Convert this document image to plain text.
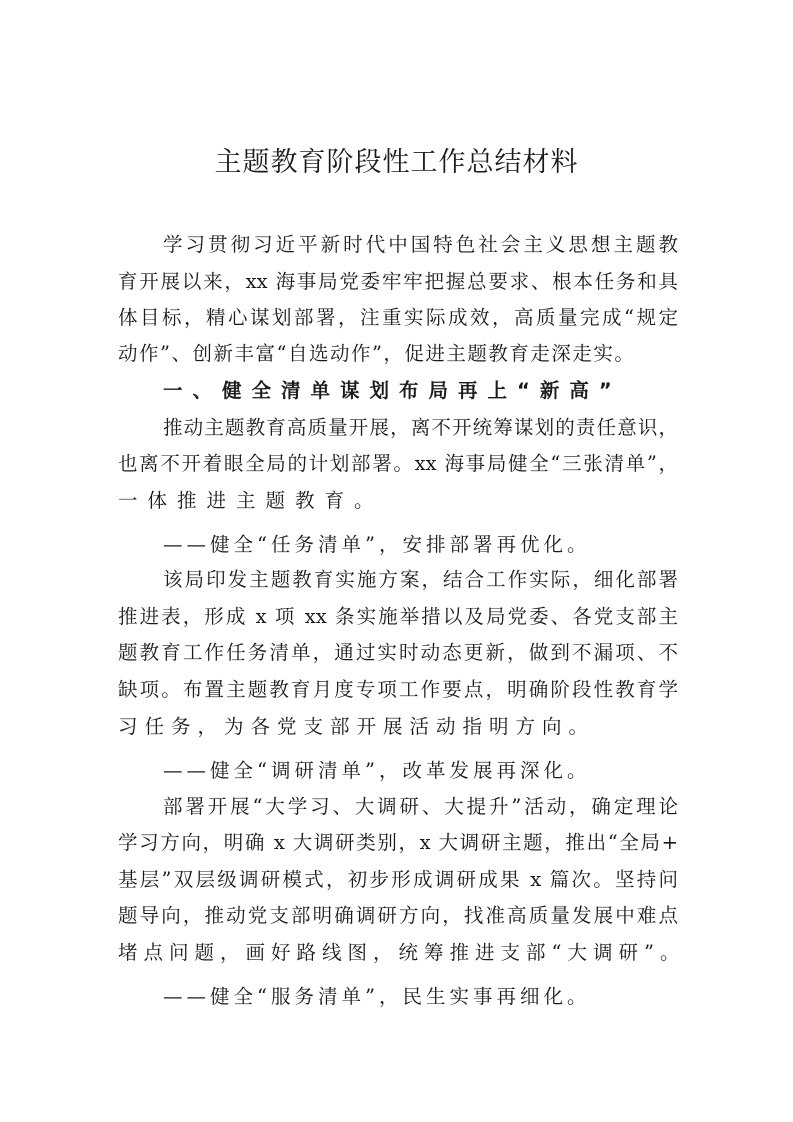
主题教育阶段性工作总结材料
学习贯彻习近平新时代中国特色社会主义思想主题教
育开展以来，xx 海事局党委牢牢把握总要求、根本任务和具
体目标，精心谋划部署，注重实际成效，高质量完成“规定
动作”、创新丰富“自选动作”，促进主题教育走深走实。
一、健全清单谋划布局再上“新高”
推动主题教育高质量开展，离不开统筹谋划的责任意识，
也离不开着眼全局的计划部署。xx 海事局健全“三张清单”，
一体推进主题教育。
——健全“任务清单”，安排部署再优化。
该局印发主题教育实施方案，结合工作实际，细化部署
推进表，形成 x 项 xx 条实施举措以及局党委、各党支部主
题教育工作任务清单，通过实时动态更新，做到不漏项、不
缺项。布置主题教育月度专项工作要点，明确阶段性教育学
习任务，为各党支部开展活动指明方向。
——健全“调研清单”，改革发展再深化。
部署开展“大学习、大调研、大提升”活动，确定理论
学习方向，明确 x 大调研类别，x 大调研主题，推出“全局+
基层”双层级调研模式，初步形成调研成果 x 篇次。坚持问
题导向，推动党支部明确调研方向，找准高质量发展中难点
堵点问题，画好路线图，统筹推进支部“大调研”。
——健全“服务清单”，民生实事再细化。
